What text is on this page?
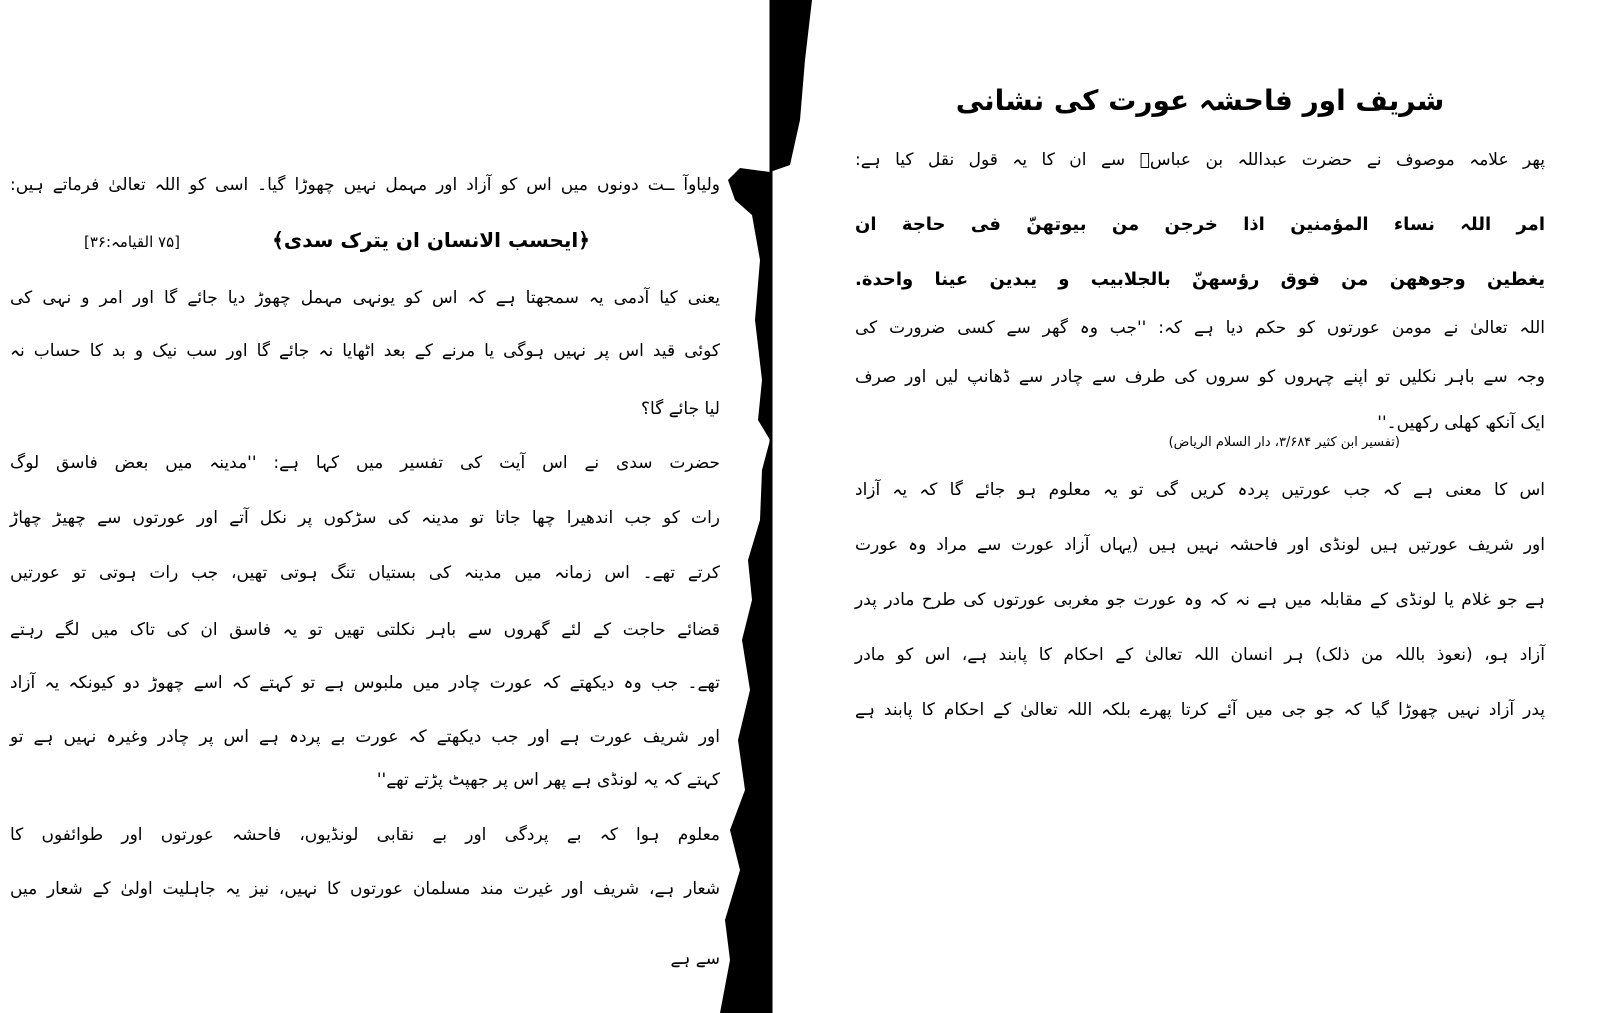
ولیاوآ ــت دونوں میں اس کو آزاد اور مہمل نہیں چھوڑا گیا۔ اسی کو اللہ تعالیٰ فرماتے ہیں:
﴿ایحسب الانسان ان یترک سدی﴾
[۷۵ القیامہ:۳۶]
یعنی کیا آدمی یہ سمجھتا ہے کہ اس کو یونہی مہمل چھوڑ دیا جائے گا اور امر و نہی کی
کوئی قید اس پر نہیں ہوگی یا مرنے کے بعد اٹھایا نہ جائے گا اور سب نیک و بد کا حساب نہ
لیا جائے گا؟
حضرت سدی نے اس آیت کی تفسیر میں کہا ہے: ''مدینہ میں بعض فاسق لوگ
رات کو جب اندھیرا چھا جاتا تو مدینہ کی سڑکوں پر نکل آتے اور عورتوں سے چھیڑ چھاڑ
کرتے تھے۔ اس زمانہ میں مدینہ کی بستیاں تنگ ہوتی تھیں، جب رات ہوتی تو عورتیں
قضائے حاجت کے لئے گھروں سے باہر نکلتی تھیں تو یہ فاسق ان کی تاک میں لگے رہتے
تھے۔ جب وہ دیکھتے کہ عورت چادر میں ملبوس ہے تو کہتے کہ اسے چھوڑ دو کیونکہ یہ آزاد
اور شریف عورت ہے اور جب دیکھتے کہ عورت بے پردہ ہے اس پر چادر وغیرہ نہیں ہے تو
کہتے کہ یہ لونڈی ہے پھر اس پر جھپٹ پڑتے تھے''
معلوم ہوا کہ بے پردگی اور بے نقابی لونڈیوں، فاحشہ عورتوں اور طوائفوں کا
شعار ہے، شریف اور غیرت مند مسلمان عورتوں کا نہیں، نیز یہ جاہلیت اولیٰ کے شعار میں
سے ہے
شریف اور فاحشہ عورت کی نشانی
پھر علامہ موصوف نے حضرت عبداللہ بن عباسؓ سے ان کا یہ قول نقل کیا ہے:
امر اللہ نساء المؤمنین اذا خرجن من بیوتھنّ فی حاجة ان
یغطین وجوھھن من فوق رؤسھنّ بالجلابیب و یبدین عینا واحدة.
اللہ تعالیٰ نے مومن عورتوں کو حکم دیا ہے کہ: ''جب وہ گھر سے کسی ضرورت کی
وجہ سے باہر نکلیں تو اپنے چہروں کو سروں کی طرف سے چادر سے ڈھانپ لیں اور صرف
ایک آنکھ کھلی رکھیں۔''
(تفسیر ابن کثیر ۳/۶۸۴، دار السلام الریاض)
اس کا معنی ہے کہ جب عورتیں پردہ کریں گی تو یہ معلوم ہو جائے گا کہ یہ آزاد
اور شریف عورتیں ہیں لونڈی اور فاحشہ نہیں ہیں (یہاں آزاد عورت سے مراد وہ عورت
ہے جو غلام یا لونڈی کے مقابلہ میں ہے نہ کہ وہ عورت جو مغربی عورتوں کی طرح مادر پدر
آزاد ہو، (نعوذ باللہ من ذلک) ہر انسان اللہ تعالیٰ کے احکام کا پابند ہے، اس کو مادر
پدر آزاد نہیں چھوڑا گیا کہ جو جی میں آئے کرتا پھرے بلکہ اللہ تعالیٰ کے احکام کا پابند ہے
